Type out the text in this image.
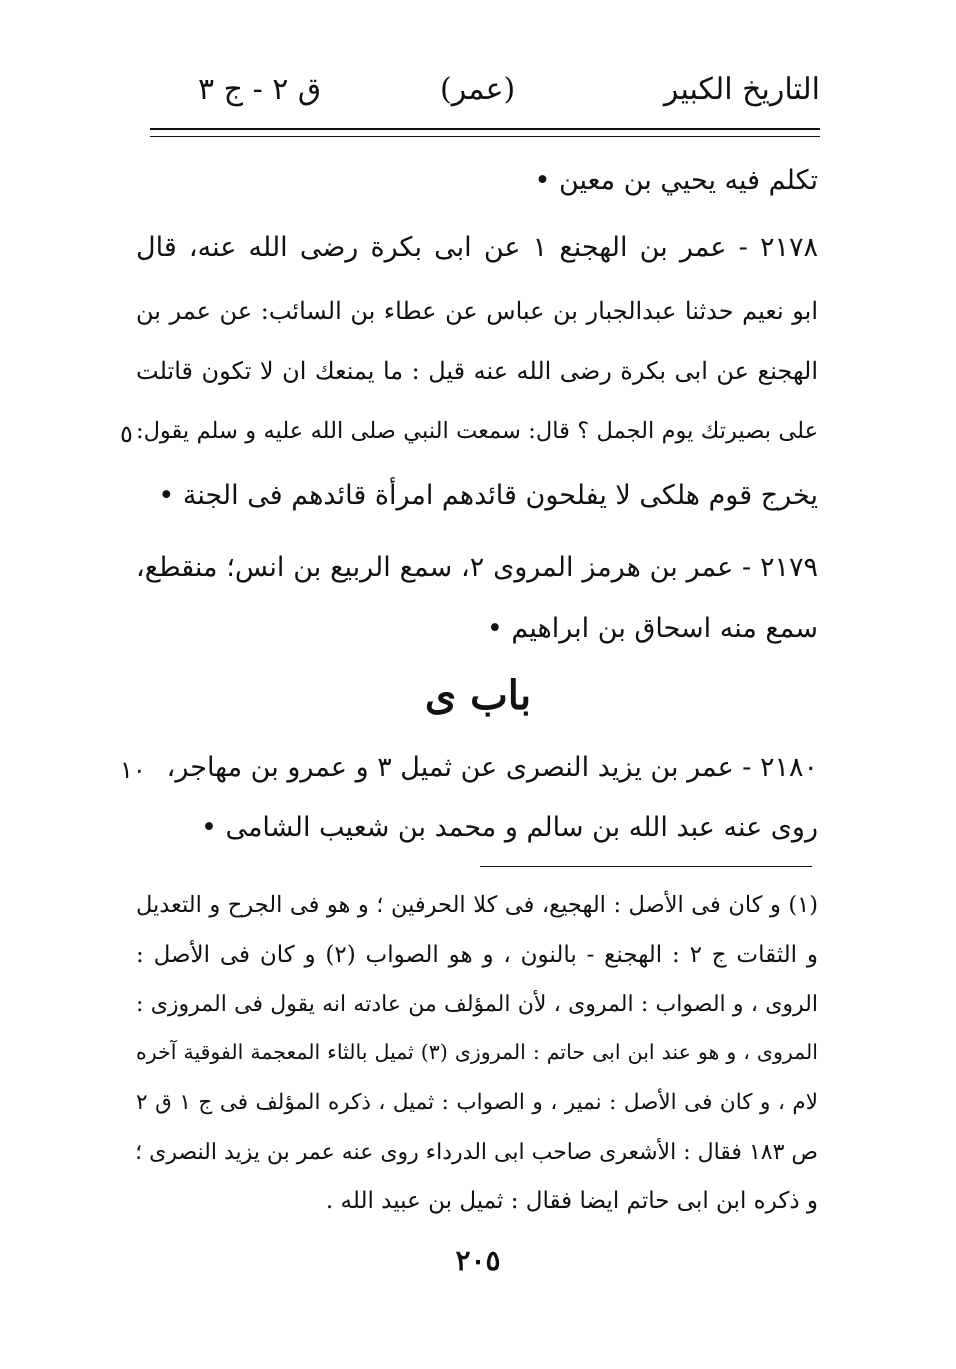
التاريخ الكبير
(عمر)
ق ٢ - ج ٣
تكلم فيه يحيي بن معين •
٢١٧٨ - عمر بن الهجنع ١ عن ابى بكرة رضى الله عنه، قال
ابو نعيم حدثنا عبدالجبار بن عباس عن عطاء بن السائب: عن عمر بن
الهجنع عن ابى بكرة رضى الله عنه قيل : ما يمنعك ان لا تكون قاتلت
على بصيرتك يوم الجمل ؟ قال: سمعت النبي صلى الله عليه و سلم يقول:
٥
يخرج قوم هلكى لا يفلحون قائدهم امرأة قائدهم فى الجنة •
٢١٧٩ - عمر بن هرمز المروى ٢، سمع الربيع بن انس؛ منقطع،
سمع منه اسحاق بن ابراهيم •
باب ى
٢١٨٠ - عمر بن يزيد النصرى عن ثميل ٣ و عمرو بن مهاجر،
١٠
روى عنه عبد الله بن سالم و محمد بن شعيب الشامى •
(١) و كان فى الأصل : الهجيع، فى كلا الحرفين ؛ و هو فى الجرح و التعديل
و الثقات ج ٢ : الهجنع - بالنون ، و هو الصواب (٢) و كان فى الأصل :
الروى ، و الصواب : المروى ، لأن المؤلف من عادته انه يقول فى المروزى :
المروى ، و هو عند ابن ابى حاتم : المروزى (٣) ثميل بالثاء المعجمة الفوقية آخره
لام ، و كان فى الأصل : نمير ، و الصواب : ثميل ، ذكره المؤلف فى ج ١ ق ٢
ص ١٨٣ فقال : الأشعرى صاحب ابى الدرداء روى عنه عمر بن يزيد النصرى ؛
و ذكره ابن ابى حاتم ايضا فقال : ثميل بن عبيد الله .
٢٠٥
